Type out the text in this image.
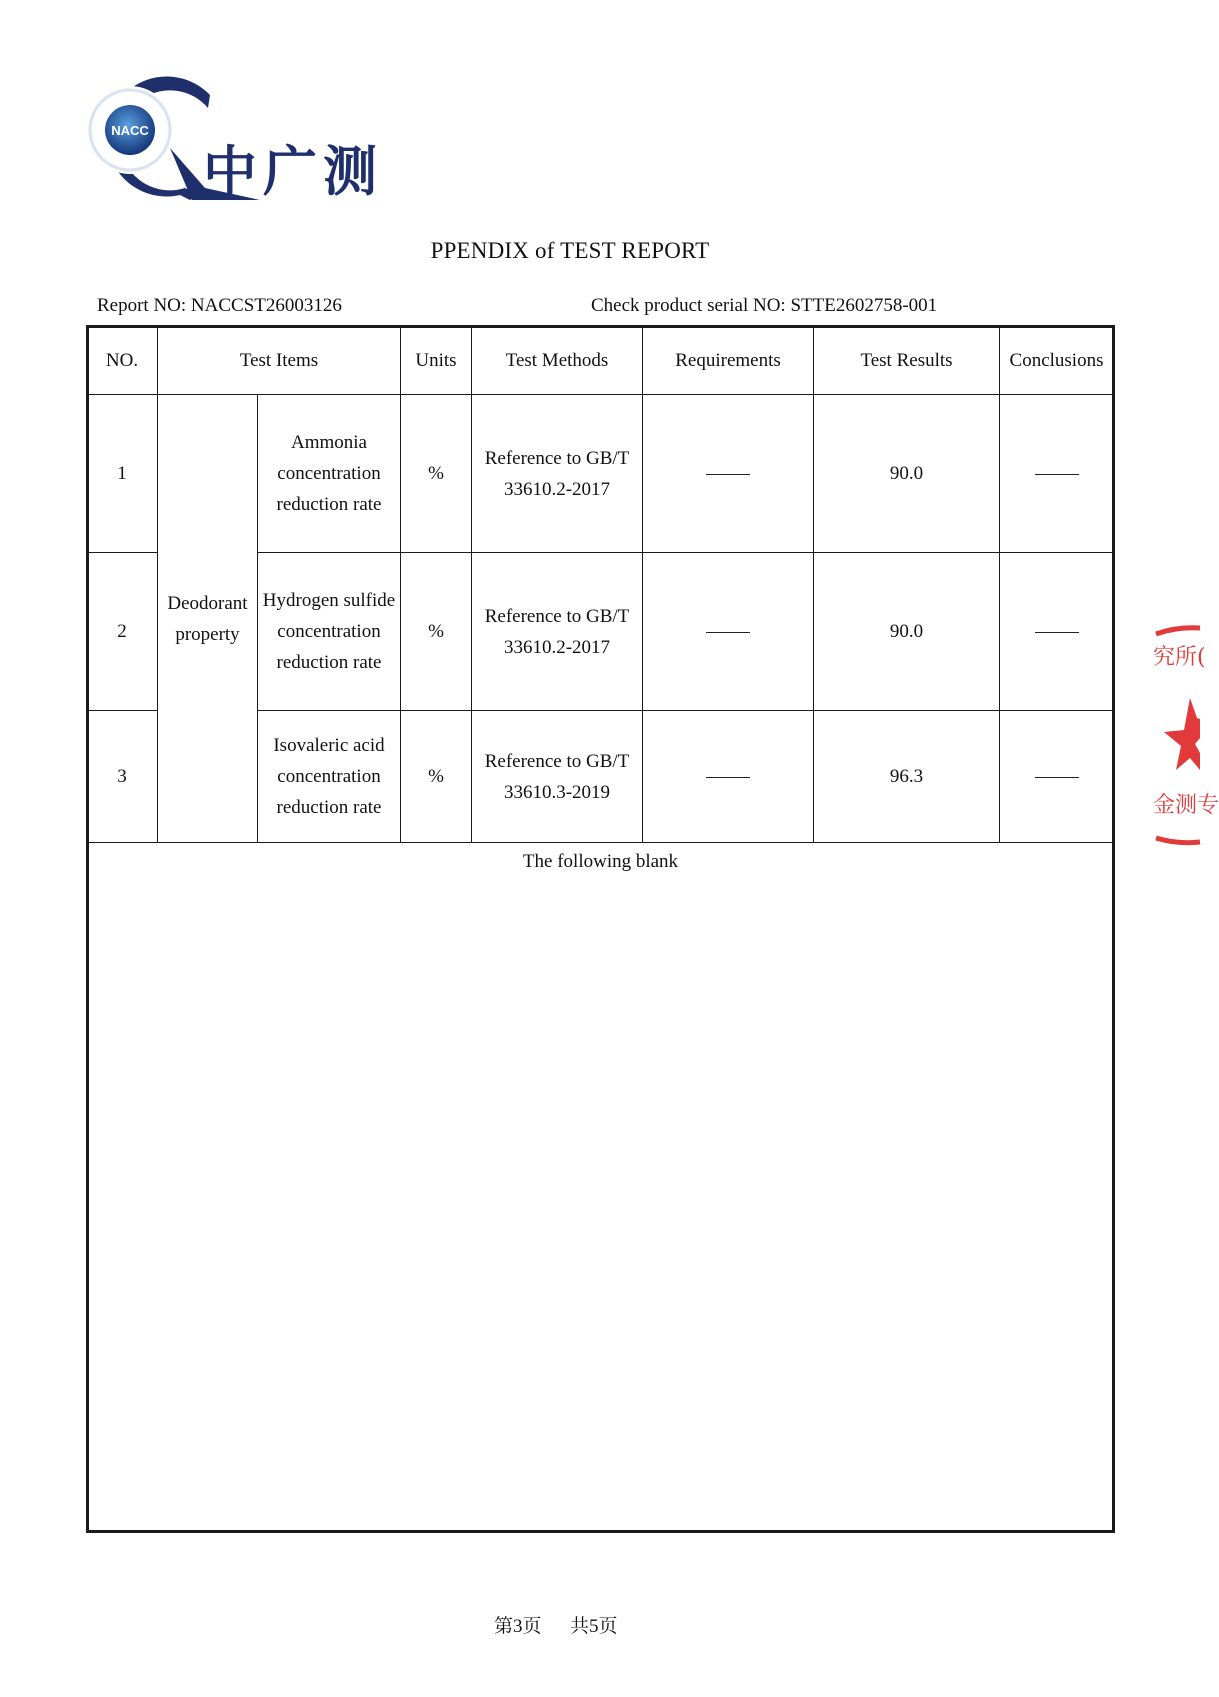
NACC
中广测
PPENDIX of TEST REPORT
Report NO: NACCST26003126	Check product serial NO: STTE2602758-001
NO.	Test Items		Units	Test Methods	Requirements	Test Results	Conclusions
1	Deodorant property	Ammonia concentration reduction rate	%	Reference to GB/T 33610.2-2017		90.0	
2		Hydrogen sulfide concentration reduction rate	%	Reference to GB/T 33610.2-2017		90.0	
3		Isovaleric acid concentration reduction rate	%	Reference to GB/T 33610.3-2019		96.3	
The following blank
究所(
金测专
第3页 共5页
